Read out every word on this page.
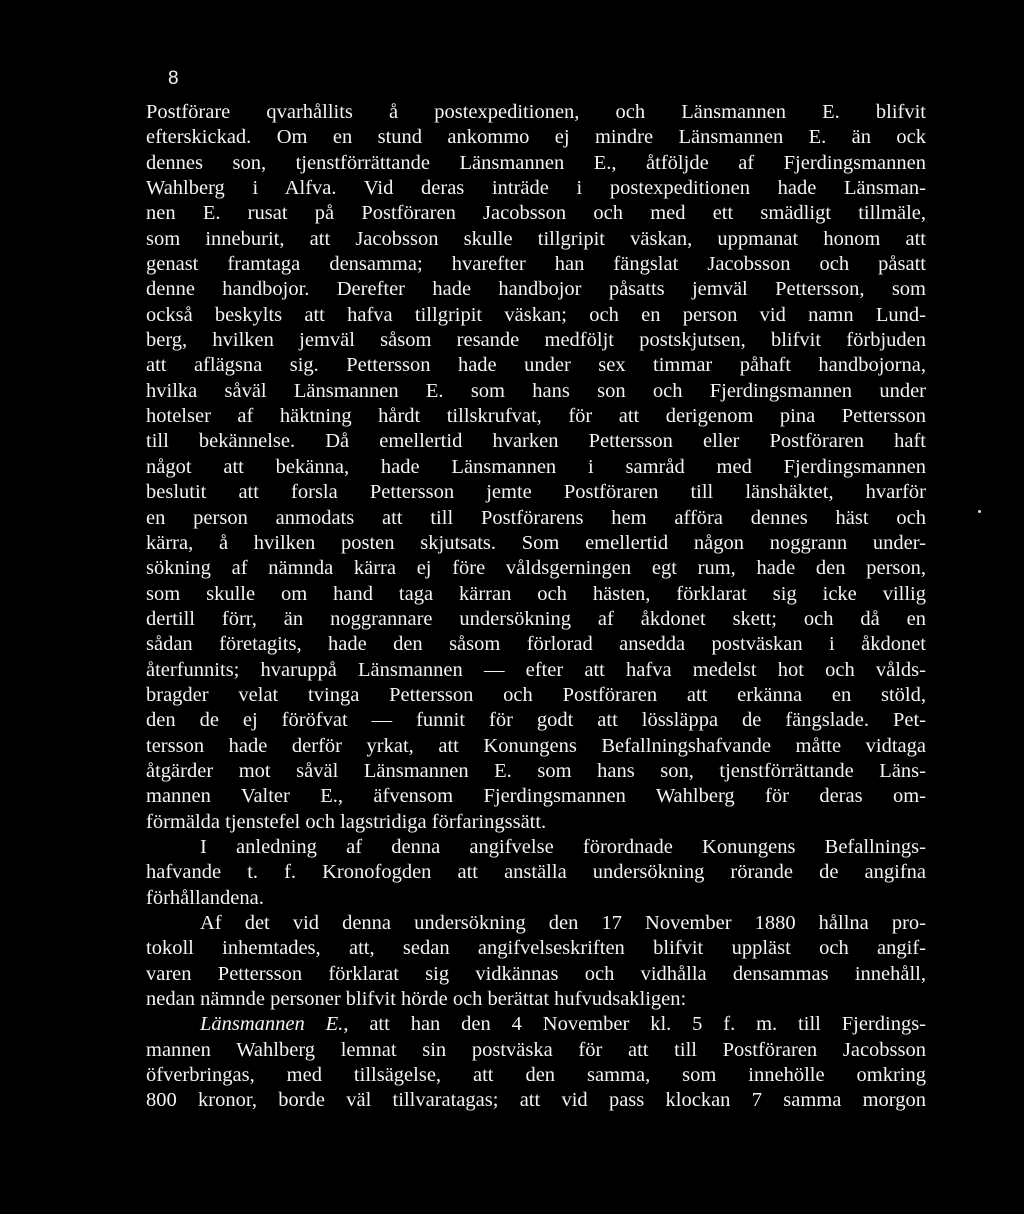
8
Postförare qvarhållits å postexpeditionen, och Länsmannen E. blifvit
efterskickad. Om en stund ankommo ej mindre Länsmannen E. än ock
dennes son, tjenstförrättande Länsmannen E., åtföljde af Fjerdingsmannen
Wahlberg i Alfva. Vid deras inträde i postexpeditionen hade Länsman-
nen E. rusat på Postföraren Jacobsson och med ett smädligt tillmäle,
som inneburit, att Jacobsson skulle tillgripit väskan, uppmanat honom att
genast framtaga densamma; hvarefter han fängslat Jacobsson och påsatt
denne handbojor. Derefter hade handbojor påsatts jemväl Pettersson, som
också beskylts att hafva tillgripit väskan; och en person vid namn Lund-
berg, hvilken jemväl såsom resande medföljt postskjutsen, blifvit förbjuden
att aflägsna sig. Pettersson hade under sex timmar påhaft handbojorna,
hvilka såväl Länsmannen E. som hans son och Fjerdingsmannen under
hotelser af häktning hårdt tillskrufvat, för att derigenom pina Pettersson
till bekännelse. Då emellertid hvarken Pettersson eller Postföraren haft
något att bekänna, hade Länsmannen i samråd med Fjerdingsmannen
beslutit att forsla Pettersson jemte Postföraren till länshäktet, hvarför
en person anmodats att till Postförarens hem afföra dennes häst och
kärra, å hvilken posten skjutsats. Som emellertid någon noggrann under-
sökning af nämnda kärra ej före våldsgerningen egt rum, hade den person,
som skulle om hand taga kärran och hästen, förklarat sig icke villig
dertill förr, än noggrannare undersökning af åkdonet skett; och då en
sådan företagits, hade den såsom förlorad ansedda postväskan i åkdonet
återfunnits; hvaruppå Länsmannen — efter att hafva medelst hot och vålds-
bragder velat tvinga Pettersson och Postföraren att erkänna en stöld,
den de ej föröfvat — funnit för godt att lössläppa de fängslade. Pet-
tersson hade derför yrkat, att Konungens Befallningshafvande måtte vidtaga
åtgärder mot såväl Länsmannen E. som hans son, tjenstförrättande Läns-
mannen Valter E., äfvensom Fjerdingsmannen Wahlberg för deras om-
förmälda tjenstefel och lagstridiga förfaringssätt.
I anledning af denna angifvelse förordnade Konungens Befallnings-
hafvande t. f. Kronofogden att anställa undersökning rörande de angifna
förhållandena.
Af det vid denna undersökning den 17 November 1880 hållna pro-
tokoll inhemtades, att, sedan angifvelseskriften blifvit uppläst och angif-
varen Pettersson förklarat sig vidkännas och vidhålla densammas innehåll,
nedan nämnde personer blifvit hörde och berättat hufvudsakligen:
Länsmannen E., att han den 4 November kl. 5 f. m. till Fjerdings-
mannen Wahlberg lemnat sin postväska för att till Postföraren Jacobsson
öfverbringas, med tillsägelse, att den samma, som innehölle omkring
800 kronor, borde väl tillvaratagas; att vid pass klockan 7 samma morgon
